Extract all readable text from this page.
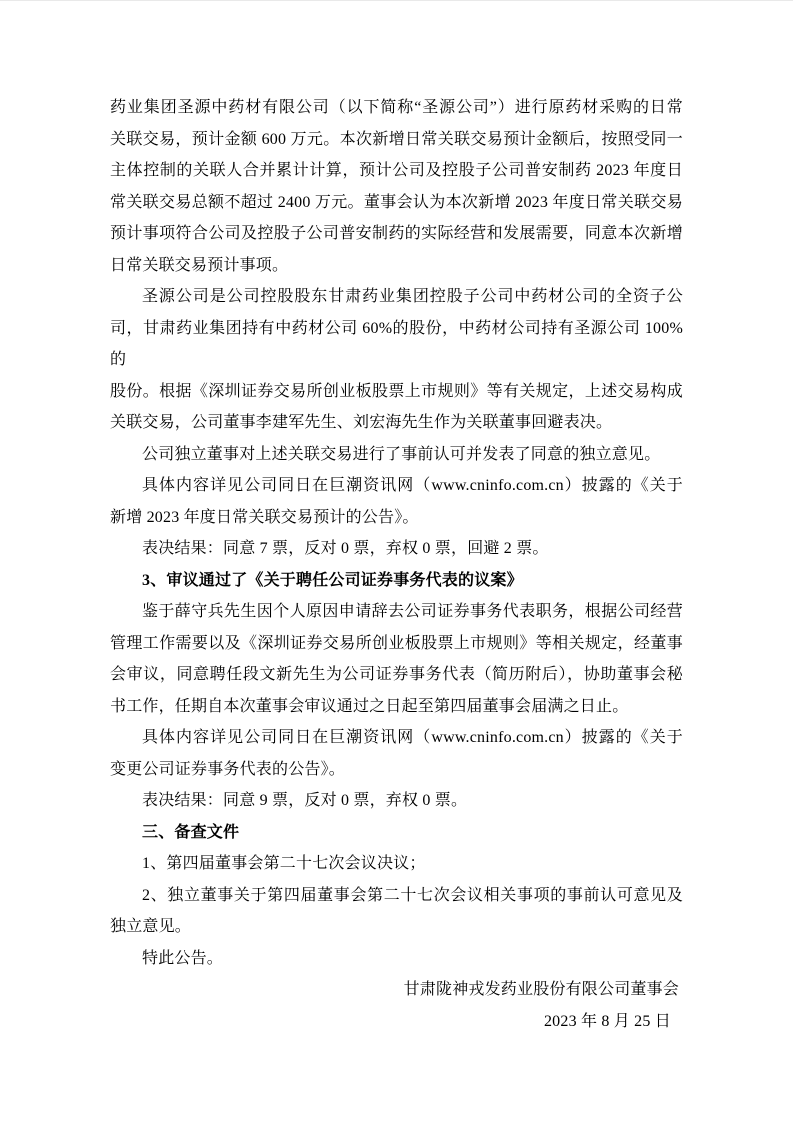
药业集团圣源中药材有限公司（以下简称“圣源公司”）进行原药材采购的日常
关联交易，预计金额 600 万元。本次新增日常关联交易预计金额后，按照受同一
主体控制的关联人合并累计计算，预计公司及控股子公司普安制药 2023 年度日
常关联交易总额不超过 2400 万元。董事会认为本次新增 2023 年度日常关联交易
预计事项符合公司及控股子公司普安制药的实际经营和发展需要，同意本次新增
日常关联交易预计事项。
圣源公司是公司控股股东甘肃药业集团控股子公司中药材公司的全资子公
司，甘肃药业集团持有中药材公司 60%的股份，中药材公司持有圣源公司 100%的
股份。根据《深圳证券交易所创业板股票上市规则》等有关规定，上述交易构成
关联交易，公司董事李建军先生、刘宏海先生作为关联董事回避表决。
公司独立董事对上述关联交易进行了事前认可并发表了同意的独立意见。
具体内容详见公司同日在巨潮资讯网（www.cninfo.com.cn）披露的《关于
新增 2023 年度日常关联交易预计的公告》。
表决结果：同意 7 票，反对 0 票，弃权 0 票，回避 2 票。
3、审议通过了《关于聘任公司证券事务代表的议案》
鉴于薛守兵先生因个人原因申请辞去公司证券事务代表职务，根据公司经营
管理工作需要以及《深圳证券交易所创业板股票上市规则》等相关规定，经董事
会审议，同意聘任段文新先生为公司证券事务代表（简历附后），协助董事会秘
书工作，任期自本次董事会审议通过之日起至第四届董事会届满之日止。
具体内容详见公司同日在巨潮资讯网（www.cninfo.com.cn）披露的《关于
变更公司证券事务代表的公告》。
表决结果：同意 9 票，反对 0 票，弃权 0 票。
三、备查文件
1、第四届董事会第二十七次会议决议；
2、独立董事关于第四届董事会第二十七次会议相关事项的事前认可意见及
独立意见。
特此公告。
甘肃陇神戎发药业股份有限公司董事会
2023 年 8 月 25 日
